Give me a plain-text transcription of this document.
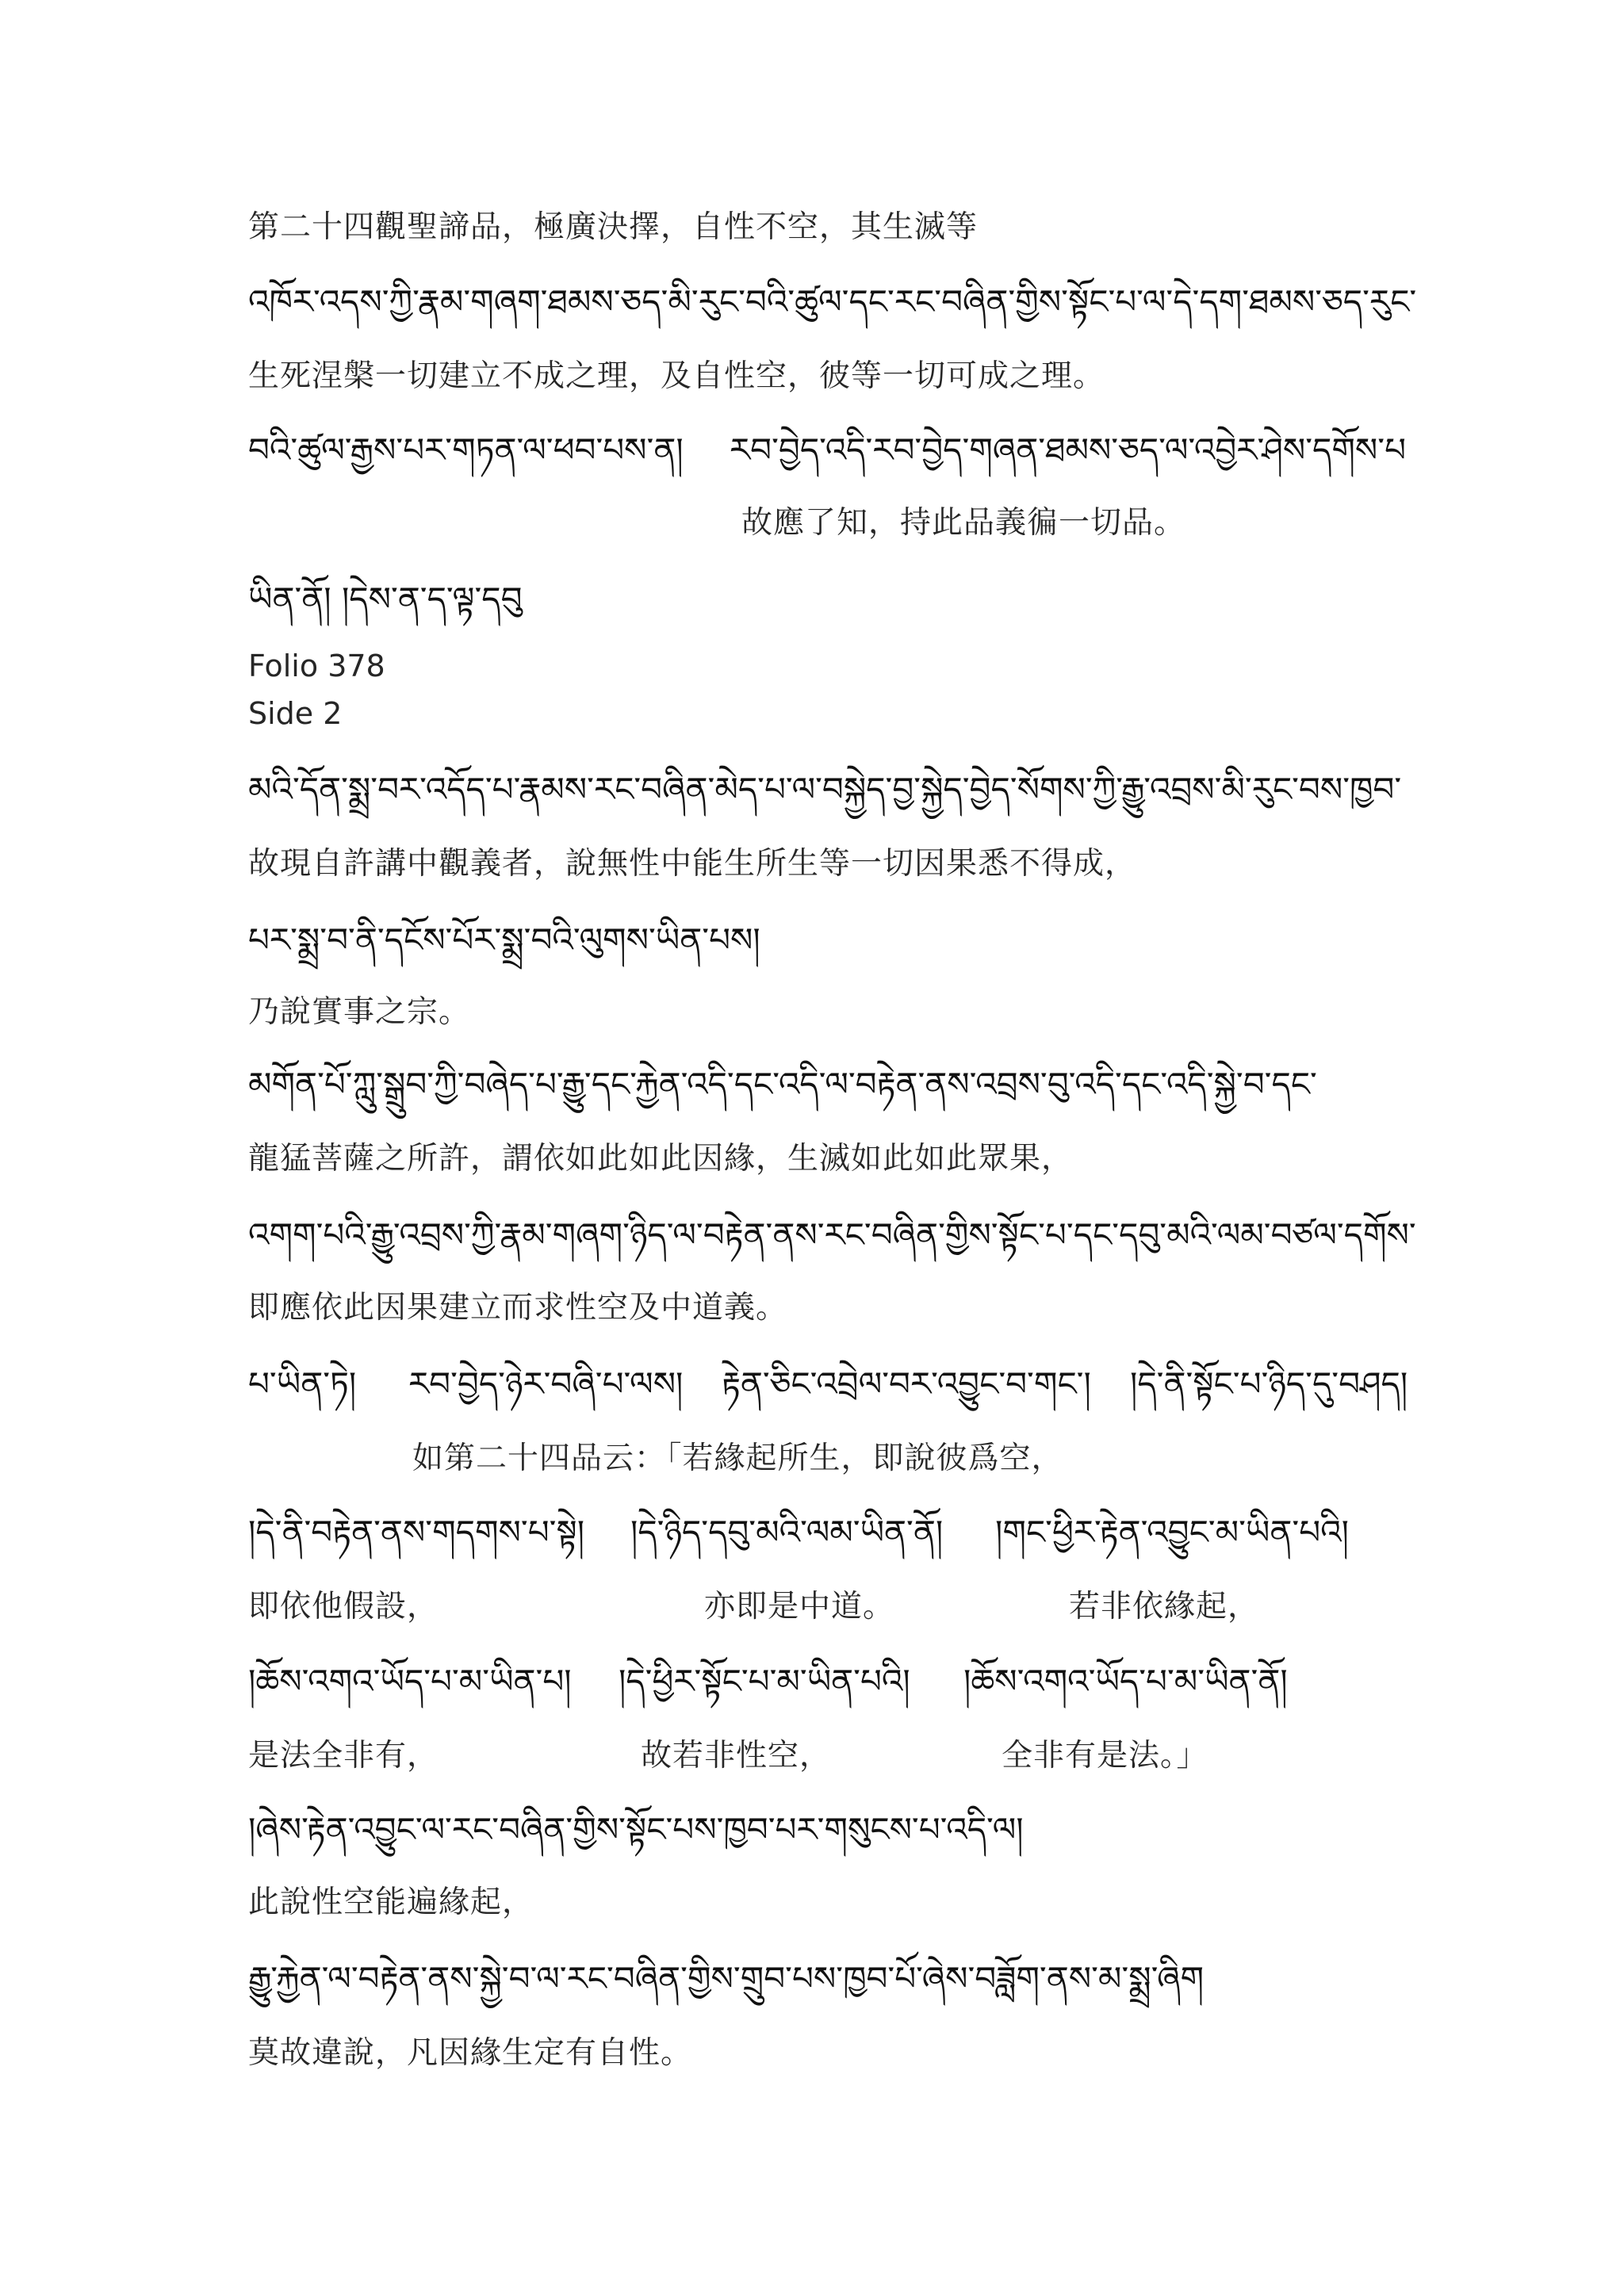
第二十四觀聖諦品，極廣決擇，自性不空，其生滅等
འཁོར་འདས་ཀྱི་རྣམ་གཞག་ཐམས་ཅད་མི་རུང་བའི་ཚུལ་དང་རང་བཞིན་གྱིས་སྟོང་པ་ལ་དེ་དག་ཐམས་ཅད་རུང་
生死涅槃一切建立不成之理，及自性空，彼等一切可成之理。
བའི་ཚུལ་རྒྱས་པར་གཏན་ལ་ཕབ་པས་ན། རབ་བྱེད་འདི་རབ་བྱེད་གཞན་ཐམས་ཅད་ལ་འབྱེར་ཤེས་དགོས་པ
故應了知，持此品義徧一切品。
ཡིན་ནོ། །དེས་ན་ད་ལྟ་དབུ
Folio 378
Side 2
མའི་དོན་སྨྲ་བར་འདོད་པ་རྣམས་རང་བཞིན་མེད་པ་ལ་བསྐྱེད་བྱ་སྐྱེད་བྱེད་སོགས་ཀྱི་རྒྱུ་འབྲས་མི་རུང་བས་ཁྱབ་
故現自許講中觀義者，說無性中能生所生等一切因果悉不得成，
པར་སྨྲ་བ་ནི་དངོས་པོར་སྨྲ་བའི་ལུགས་ཡིན་པས།
乃說實事之宗。
མགོན་པོ་ཀླུ་སྒྲུབ་ཀྱི་བཞེད་པ་རྒྱུ་དང་རྐྱེན་འདི་དང་འདི་ལ་བརྟེན་ནས་འབྲས་བུ་འདི་དང་འདི་སྐྱེ་བ་དང་
龍猛菩薩之所許，謂依如此如此因緣，生滅如此如此眾果，
འགག་པའི་རྒྱུ་འབྲས་ཀྱི་རྣམ་གཞག་ཉིད་ལ་བརྟེན་ནས་རང་བཞིན་གྱིས་སྟོང་པ་དང་དབུ་མའི་ལམ་བཙལ་དགོས་
即應依此因果建立而求性空及中道義。
པ་ཡིན་ཏེ། རབ་བྱེད་ཉེར་བཞི་པ་ལས། རྟེན་ཅིང་འབྲེལ་བར་འབྱུང་བ་གང་། །དེ་ནི་སྟོང་པ་ཉིད་དུ་བཤད།
如第二十四品云：「若緣起所生，即說彼爲空，
།དེ་ནི་བརྟེན་ནས་གདགས་པ་སྟེ། །དེ་ཉིད་དབུ་མའི་ལམ་ཡིན་ནོ། །གང་ཕྱིར་རྟེན་འབྱུང་མ་ཡིན་པའི།
即依他假設，	亦即是中道。	若非依緣起，
།ཆོས་འགའ་ཡོད་པ་མ་ཡིན་པ། །དེ་ཕྱིར་སྟོང་པ་མ་ཡིན་པའི། །ཆོས་འགའ་ཡོད་པ་མ་ཡིན་ནོ།
是法全非有，	故若非性空，	全非有是法。」
།ཞེས་རྟེན་འབྱུང་ལ་རང་བཞིན་གྱིས་སྟོང་པས་ཁྱབ་པར་གསུངས་པ་འདི་ལ།
此說性空能遍緣起，
རྒྱུ་རྐྱེན་ལ་བརྟེན་ནས་སྐྱེ་བ་ལ་རང་བཞིན་གྱིས་གྲུབ་པས་ཁྱབ་པོ་ཞེས་བཟློག་ནས་མ་སྨྲ་ཞིག
莫故違說，凡因緣生定有自性。
